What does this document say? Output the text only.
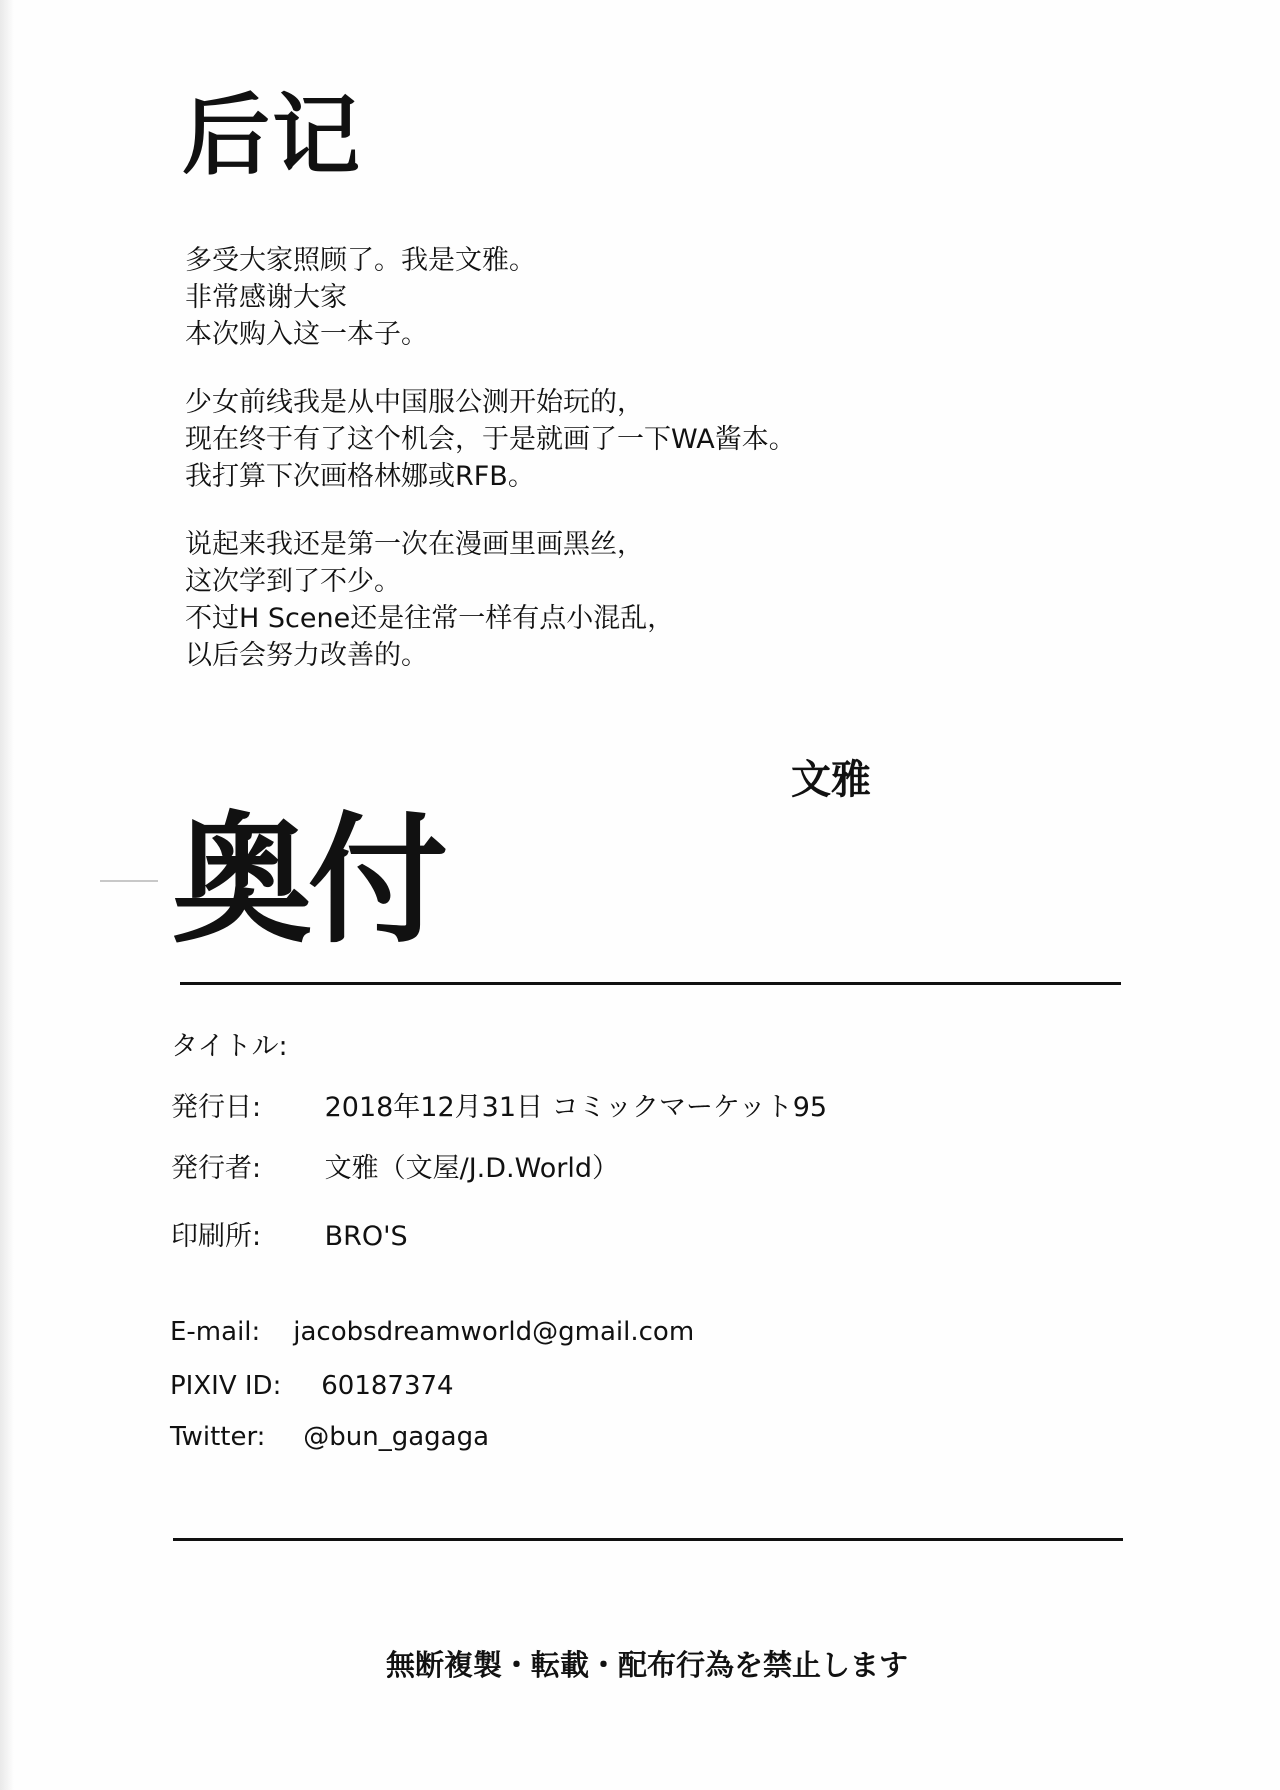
后记
多受大家照顾了。我是文雅。
非常感谢大家
本次购入这一本子。
少女前线我是从中国服公测开始玩的，
现在终于有了这个机会，于是就画了一下WA酱本。
我打算下次画格林娜或RFB。
说起来我还是第一次在漫画里画黑丝，
这次学到了不少。
不过H Scene还是往常一样有点小混乱，
以后会努力改善的。
文雅
奥付
タイトル:
発行日: 2018年12月31日 コミックマーケット95
発行者: 文雅（文屋/J.D.World）
印刷所: BRO'S
E-mail: jacobsdreamworld@gmail.com
PIXIV ID: 60187374
Twitter: @bun_gagaga
無断複製・転載・配布行為を禁止します
